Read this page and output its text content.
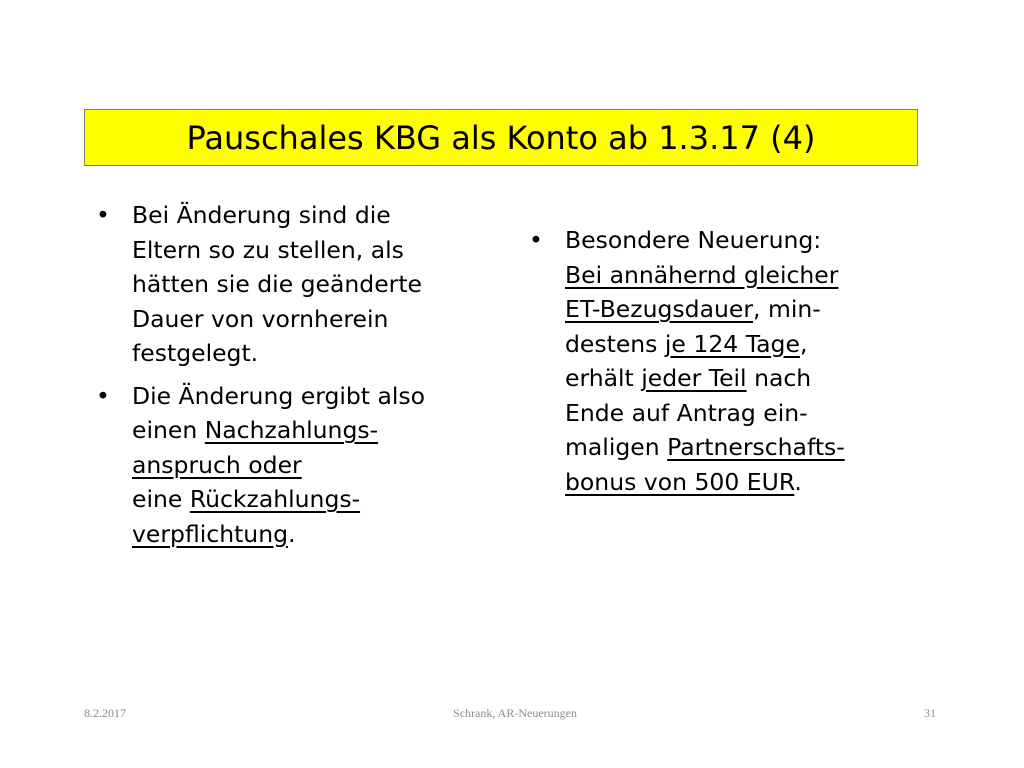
Pauschales KBG als Konto ab 1.3.17 (4)
• Bei Änderung sind die
Eltern so zu stellen, als
hätten sie die geänderte
Dauer von vornherein
festgelegt.
• Die Änderung ergibt also
einen Nachzahlungs-
anspruch oder
eine Rückzahlungs-
verpflichtung.
• Besondere Neuerung:
Bei annähernd gleicher
ET-Bezugsdauer, min-
destens je 124 Tage,
erhält jeder Teil nach
Ende auf Antrag ein-
maligen Partnerschafts-
bonus von 500 EUR.
8.2.2017	Schrank, AR-Neuerungen	31
